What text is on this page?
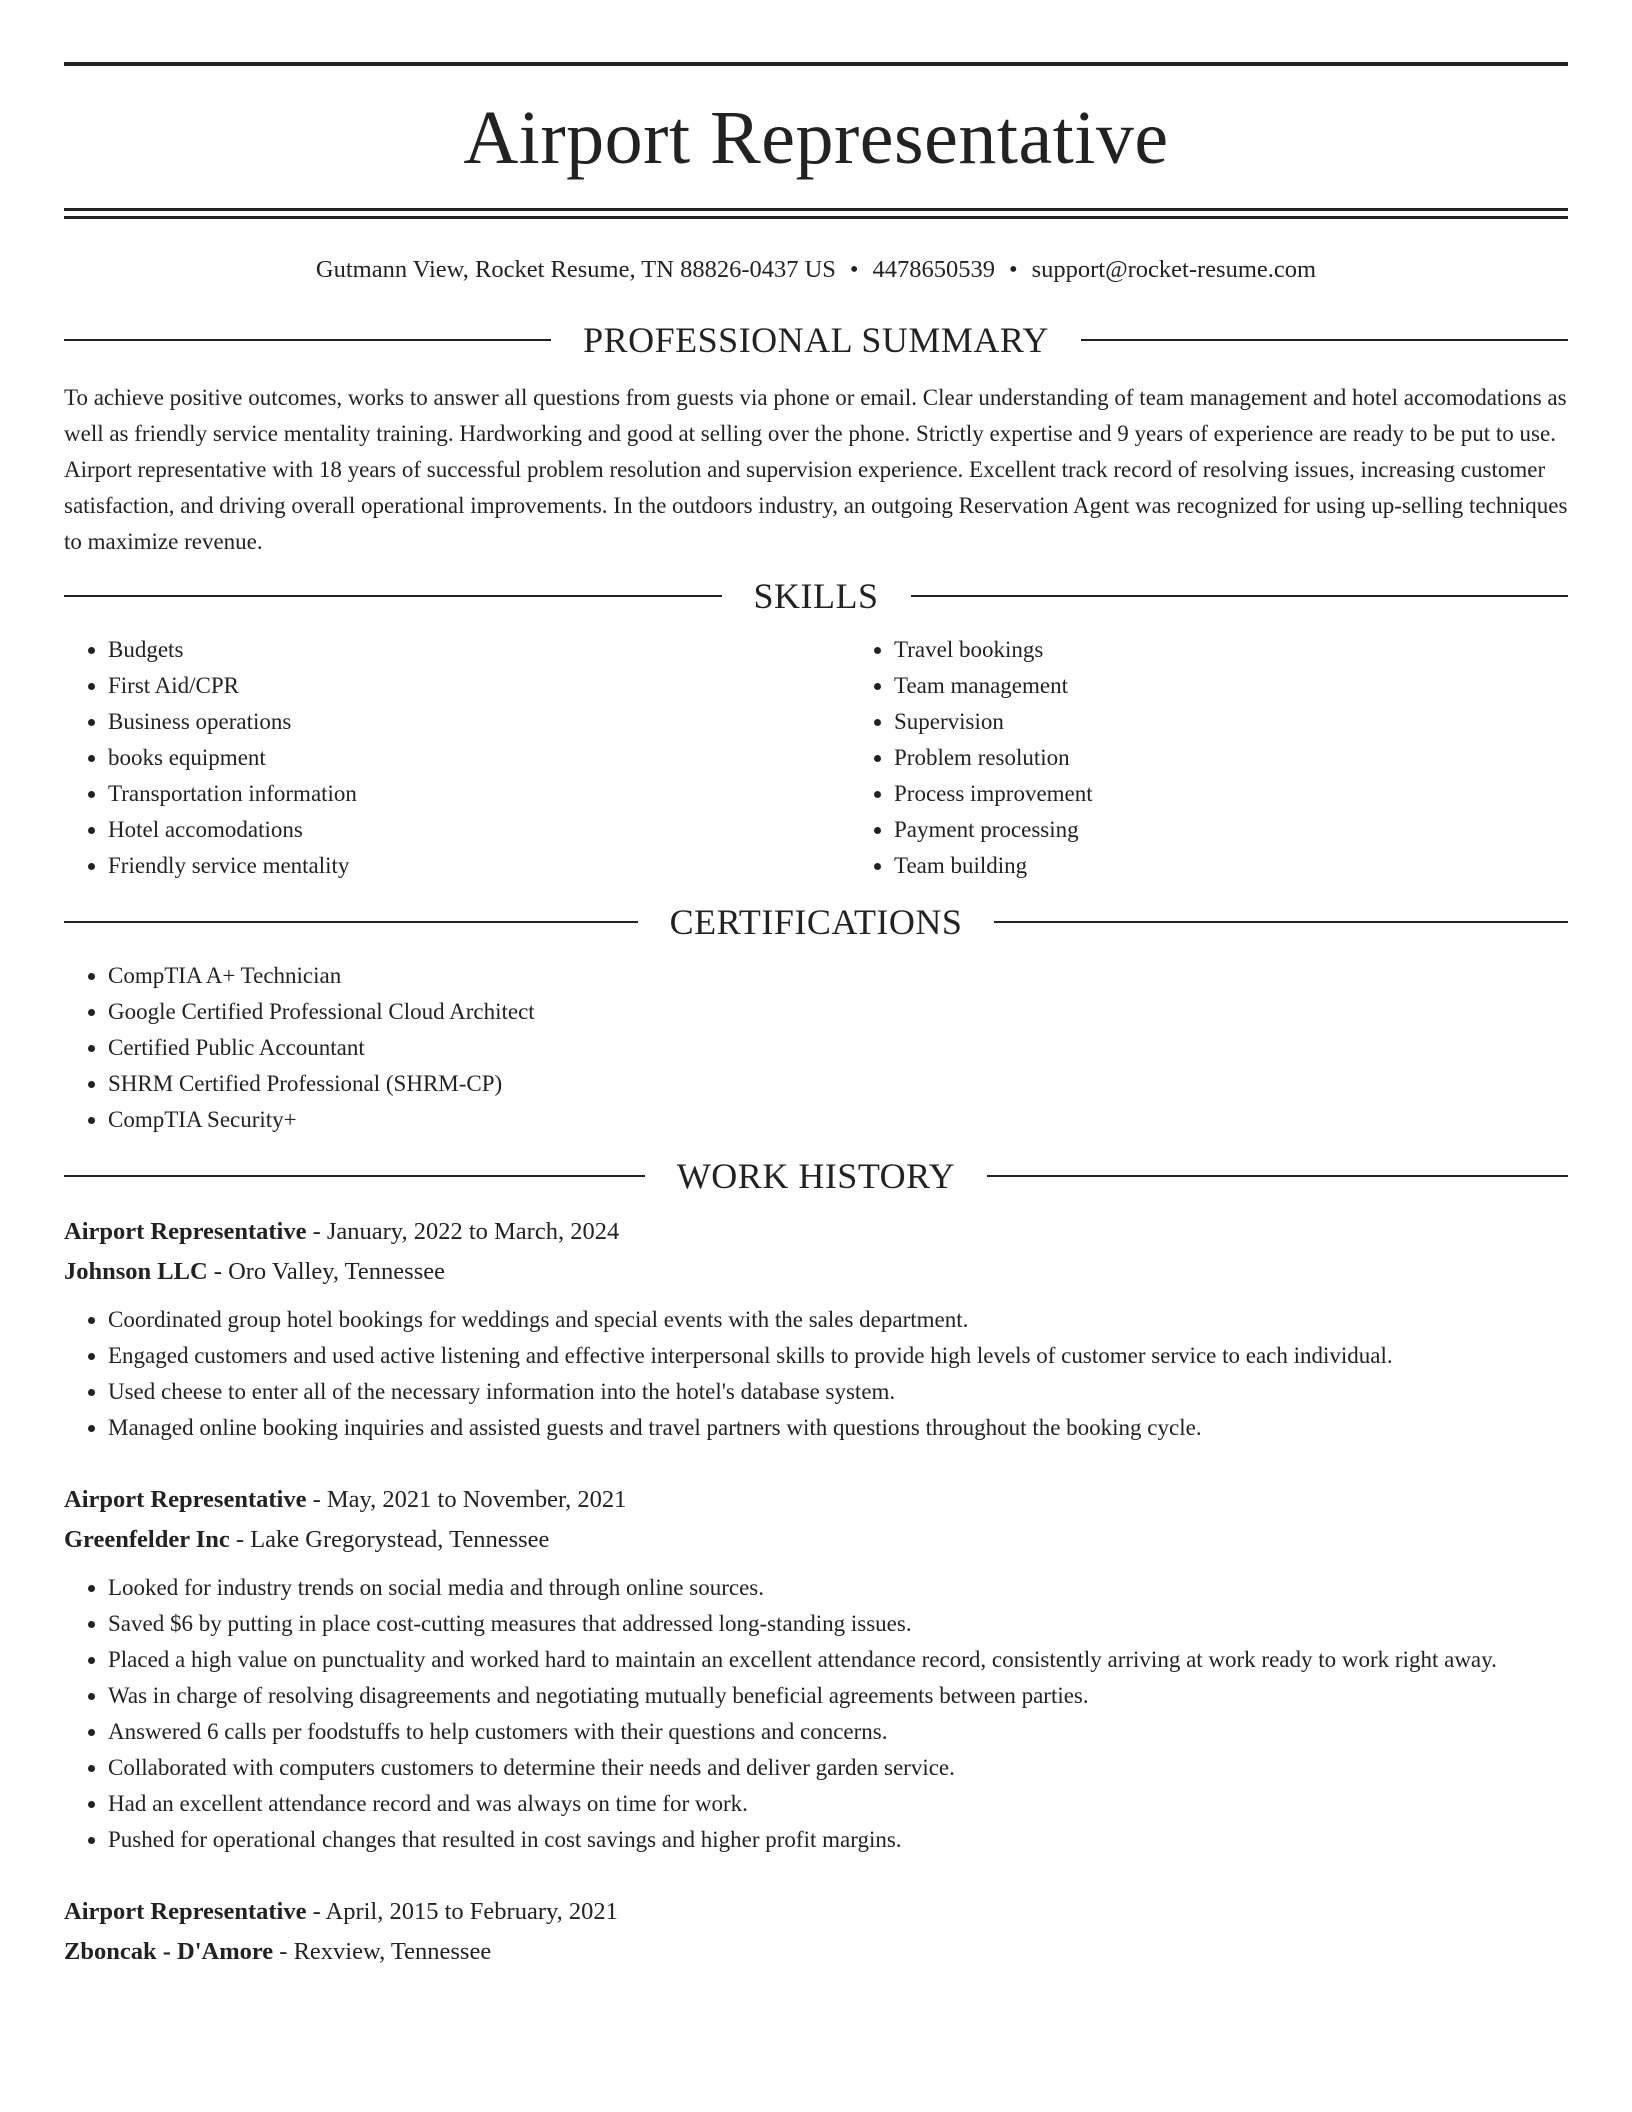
Airport Representative
Gutmann View, Rocket Resume, TN 88826-0437 US • 4478650539 • support@rocket-resume.com
PROFESSIONAL SUMMARY
To achieve positive outcomes, works to answer all questions from guests via phone or email. Clear understanding of team management and hotel accomodations as well as friendly service mentality training. Hardworking and good at selling over the phone. Strictly expertise and 9 years of experience are ready to be put to use. Airport representative with 18 years of successful problem resolution and supervision experience. Excellent track record of resolving issues, increasing customer satisfaction, and driving overall operational improvements. In the outdoors industry, an outgoing Reservation Agent was recognized for using up-selling techniques to maximize revenue.
SKILLS
• Budgets
• First Aid/CPR
• Business operations
• books equipment
• Transportation information
• Hotel accomodations
• Friendly service mentality
• Travel bookings
• Team management
• Supervision
• Problem resolution
• Process improvement
• Payment processing
• Team building
CERTIFICATIONS
• CompTIA A+ Technician
• Google Certified Professional Cloud Architect
• Certified Public Accountant
• SHRM Certified Professional (SHRM-CP)
• CompTIA Security+
WORK HISTORY
Airport Representative - January, 2022 to March, 2024
Johnson LLC - Oro Valley, Tennessee
• Coordinated group hotel bookings for weddings and special events with the sales department.
• Engaged customers and used active listening and effective interpersonal skills to provide high levels of customer service to each individual.
• Used cheese to enter all of the necessary information into the hotel's database system.
• Managed online booking inquiries and assisted guests and travel partners with questions throughout the booking cycle.
Airport Representative - May, 2021 to November, 2021
Greenfelder Inc - Lake Gregorystead, Tennessee
• Looked for industry trends on social media and through online sources.
• Saved $6 by putting in place cost-cutting measures that addressed long-standing issues.
• Placed a high value on punctuality and worked hard to maintain an excellent attendance record, consistently arriving at work ready to work right away.
• Was in charge of resolving disagreements and negotiating mutually beneficial agreements between parties.
• Answered 6 calls per foodstuffs to help customers with their questions and concerns.
• Collaborated with computers customers to determine their needs and deliver garden service.
• Had an excellent attendance record and was always on time for work.
• Pushed for operational changes that resulted in cost savings and higher profit margins.
Airport Representative - April, 2015 to February, 2021
Zboncak - D'Amore - Rexview, Tennessee
